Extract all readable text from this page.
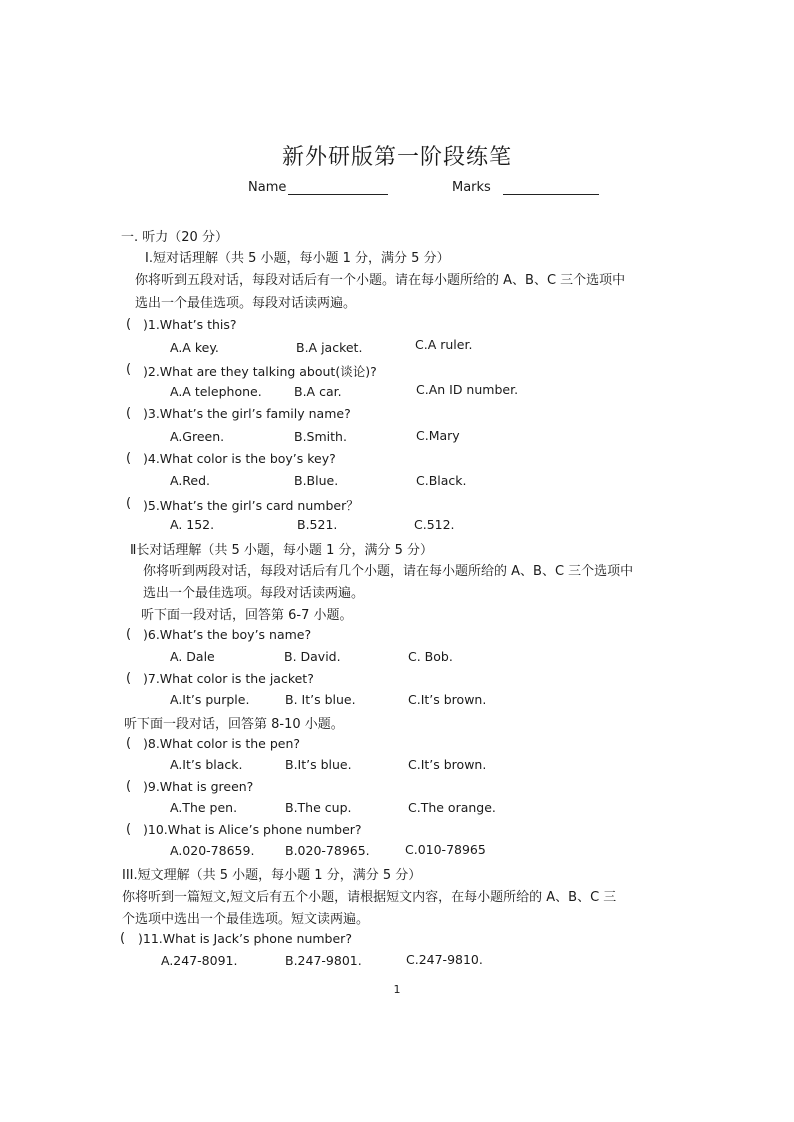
新外研版第一阶段练笔
Name	Marks
一. 听力（20 分）
Ⅰ.短对话理解（共 5 小题，每小题 1 分，满分 5 分）
你将听到五段对话，每段对话后有一个小题。请在每小题所给的 A、B、C 三个选项中
选出一个最佳选项。每段对话读两遍。
( )1.What’s this?
A.A key.	B.A jacket.	C.A ruler.
( )2.What are they talking about(谈论)?
A.A telephone.	B.A car.	C.An ID number.
( )3.What’s the girl’s family name?
A.Green.	B.Smith.	C.Mary
( )4.What color is the boy’s key?
A.Red.	B.Blue.	C.Black.
( )5.What’s the girl’s card number？
A. 152.	B.521.	C.512.
Ⅱ长对话理解（共 5 小题，每小题 1 分，满分 5 分）
你将听到两段对话，每段对话后有几个小题，请在每小题所给的 A、B、C 三个选项中
选出一个最佳选项。每段对话读两遍。
听下面一段对话，回答第 6-7 小题。
( )6.What’s the boy’s name?
A. Dale	B. David.	C. Bob.
( )7.What color is the jacket?
A.It’s purple.	B. It’s blue.	C.It’s brown.
听下面一段对话，回答第 8-10 小题。
( )8.What color is the pen?
A.It’s black.	B.It’s blue.	C.It’s brown.
( )9.What is green?
A.The pen.	B.The cup.	C.The orange.
( )10.What is Alice’s phone number?
A.020-78659. B.020-78965.	C.010-78965
III.短文理解（共 5 小题，每小题 1 分，满分 5 分）
你将听到一篇短文,短文后有五个小题，请根据短文内容，在每小题所给的 A、B、C 三
个选项中选出一个最佳选项。短文读两遍。
( )11.What is Jack’s phone number?
A.247-8091.	B.247-9801.	C.247-9810.
1
